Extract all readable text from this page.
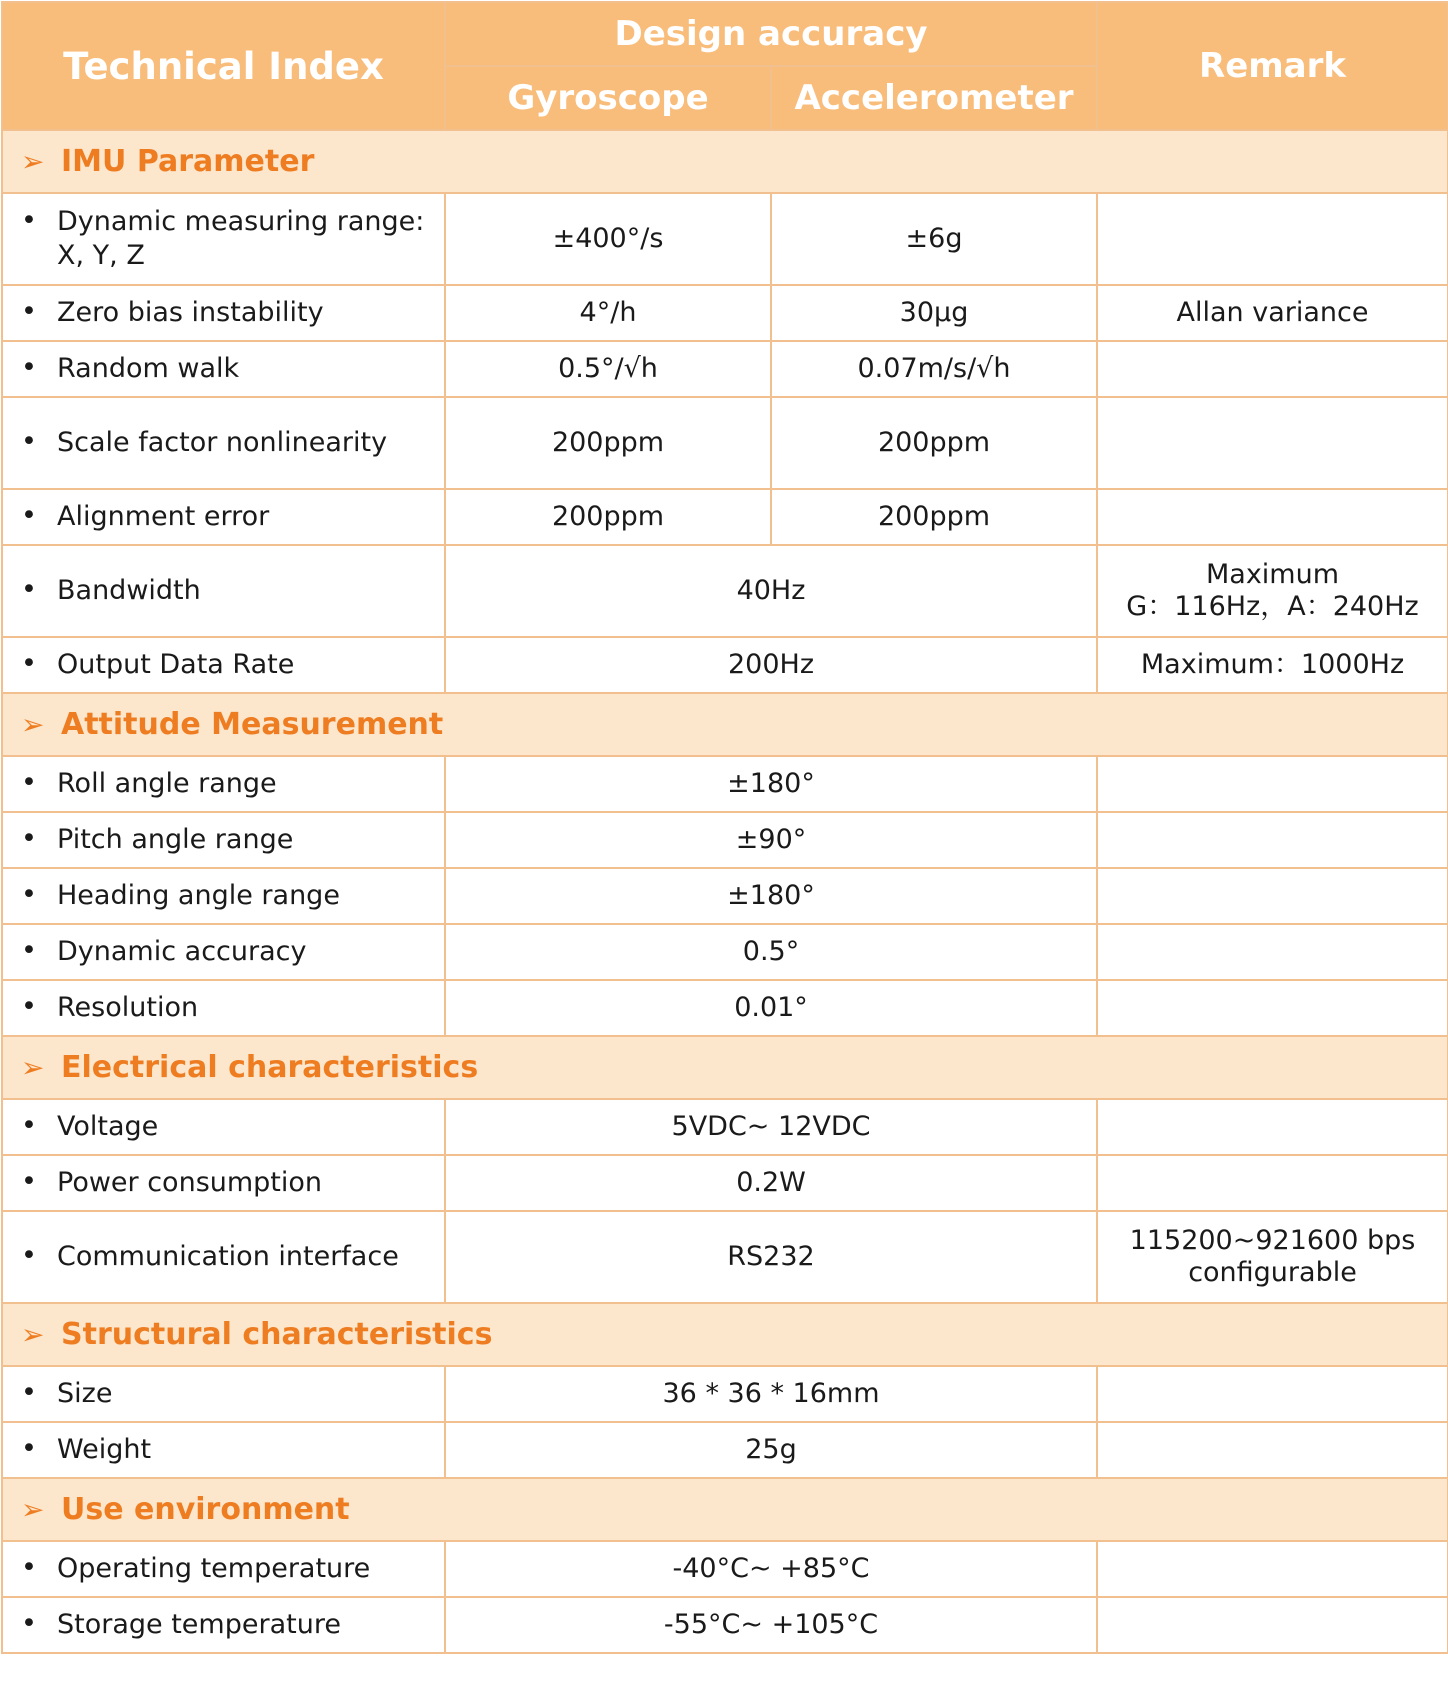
Technical Index	Design accuracy		Remark
	Gyroscope	Accelerometer	
➢ IMU Parameter			
• Dynamic measuring range:
X, Y, Z	±400°/s	±6g	
• Zero bias instability	4°/h	30μg	Allan variance
• Random walk	0.5°/√h	0.07m/s/√h	
• Scale factor nonlinearity	200ppm	200ppm	
• Alignment error	200ppm	200ppm	
• Bandwidth	40Hz		Maximum
G：116Hz，A：240Hz
• Output Data Rate	200Hz		Maximum：1000Hz
➢ Attitude Measurement			
• Roll angle range	±180°		
• Pitch angle range	±90°		
• Heading angle range	±180°		
• Dynamic accuracy	0.5°		
• Resolution	0.01°		
➢ Electrical characteristics			
• Voltage	5VDC~ 12VDC		
• Power consumption	0.2W		
• Communication interface	RS232		115200~921600 bps
configurable
➢ Structural characteristics			
• Size	36 * 36 * 16mm		
• Weight	25g		
➢ Use environment			
• Operating temperature	-40°C~ +85°C		
• Storage temperature	-55°C~ +105°C		
